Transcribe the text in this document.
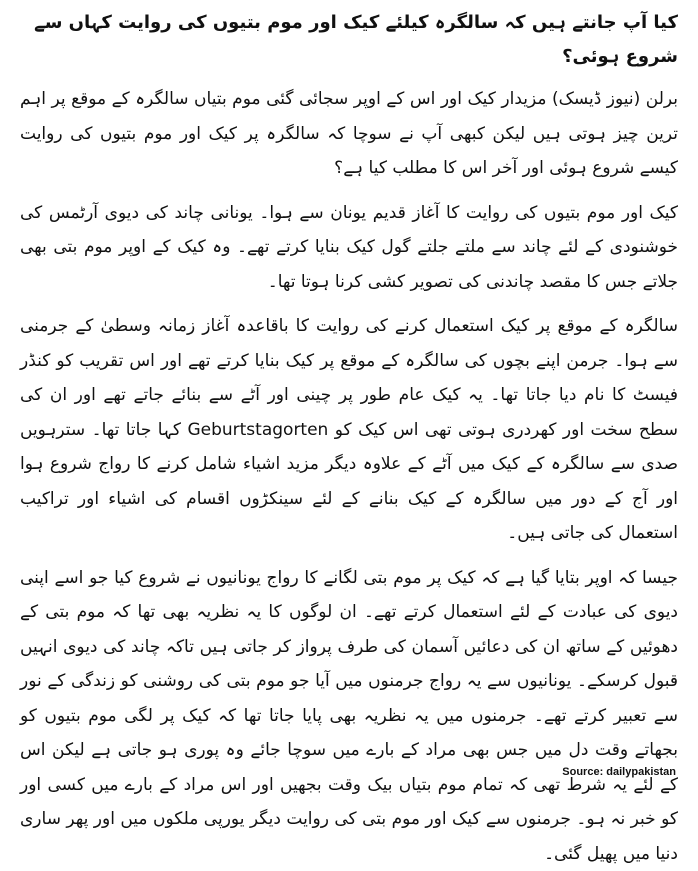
کیا آپ جانتے ہیں کہ سالگرہ کیلئے کیک اور موم بتیوں کی روایت کہاں سے شروع ہوئی؟

برلن (نیوز ڈیسک) مزیدار کیک اور اس کے اوپر سجائی گئی موم بتیاں سالگرہ کے موقع پر اہم ترین چیز ہوتی ہیں لیکن کبھی آپ نے سوچا کہ سالگرہ پر کیک اور موم بتیوں کی روایت کیسے شروع ہوئی اور آخر اس کا مطلب کیا ہے؟

کیک اور موم بتیوں کی روایت کا آغاز قدیم یونان سے ہوا۔ یونانی چاند کی دیوی آرٹمس کی خوشنودی کے لئے چاند سے ملتے جلتے گول کیک بنایا کرتے تھے۔ وہ کیک کے اوپر موم بتی بھی جلاتے جس کا مقصد چاندنی کی تصویر کشی کرنا ہوتا تھا۔

سالگرہ کے موقع پر کیک استعمال کرنے کی روایت کا باقاعدہ آغاز زمانہ وسطیٰ کے جرمنی سے ہوا۔ جرمن اپنے بچوں کی سالگرہ کے موقع پر کیک بنایا کرتے تھے اور اس تقریب کو کنڈر فیسٹ کا نام دیا جاتا تھا۔ یہ کیک عام طور پر چینی اور آٹے سے بنائے جاتے تھے اور ان کی سطح سخت اور کھردری ہوتی تھی اس کیک کو Geburtstagorten کہا جاتا تھا۔ سترہویں صدی سے سالگرہ کے کیک میں آٹے کے علاوہ دیگر مزید اشیاء شامل کرنے کا رواج شروع ہوا اور آج کے دور میں سالگرہ کے کیک بنانے کے لئے سینکڑوں اقسام کی اشیاء اور تراکیب استعمال کی جاتی ہیں۔

جیسا کہ اوپر بتایا گیا ہے کہ کیک پر موم بتی لگانے کا رواج یونانیوں نے شروع کیا جو اسے اپنی دیوی کی عبادت کے لئے استعمال کرتے تھے۔ ان لوگوں کا یہ نظریہ بھی تھا کہ موم بتی کے دھوئیں کے ساتھ ان کی دعائیں آسمان کی طرف پرواز کر جاتی ہیں تاکہ چاند کی دیوی انہیں قبول کرسکے۔ یونانیوں سے یہ رواج جرمنوں میں آیا جو موم بتی کی روشنی کو زندگی کے نور سے تعبیر کرتے تھے۔ جرمنوں میں یہ نظریہ بھی پایا جاتا تھا کہ کیک پر لگی موم بتیوں کو بجھاتے وقت دل میں جس بھی مراد کے بارے میں سوچا جائے وہ پوری ہو جاتی ہے لیکن اس کے لئے یہ شرط تھی کہ تمام موم بتیاں بیک وقت بجھیں اور اس مراد کے بارے میں کسی اور کو خبر نہ ہو۔ جرمنوں سے کیک اور موم بتی کی روایت دیگر یورپی ملکوں میں اور پھر ساری دنیا میں پھیل گئی۔

Source: dailypakistan
